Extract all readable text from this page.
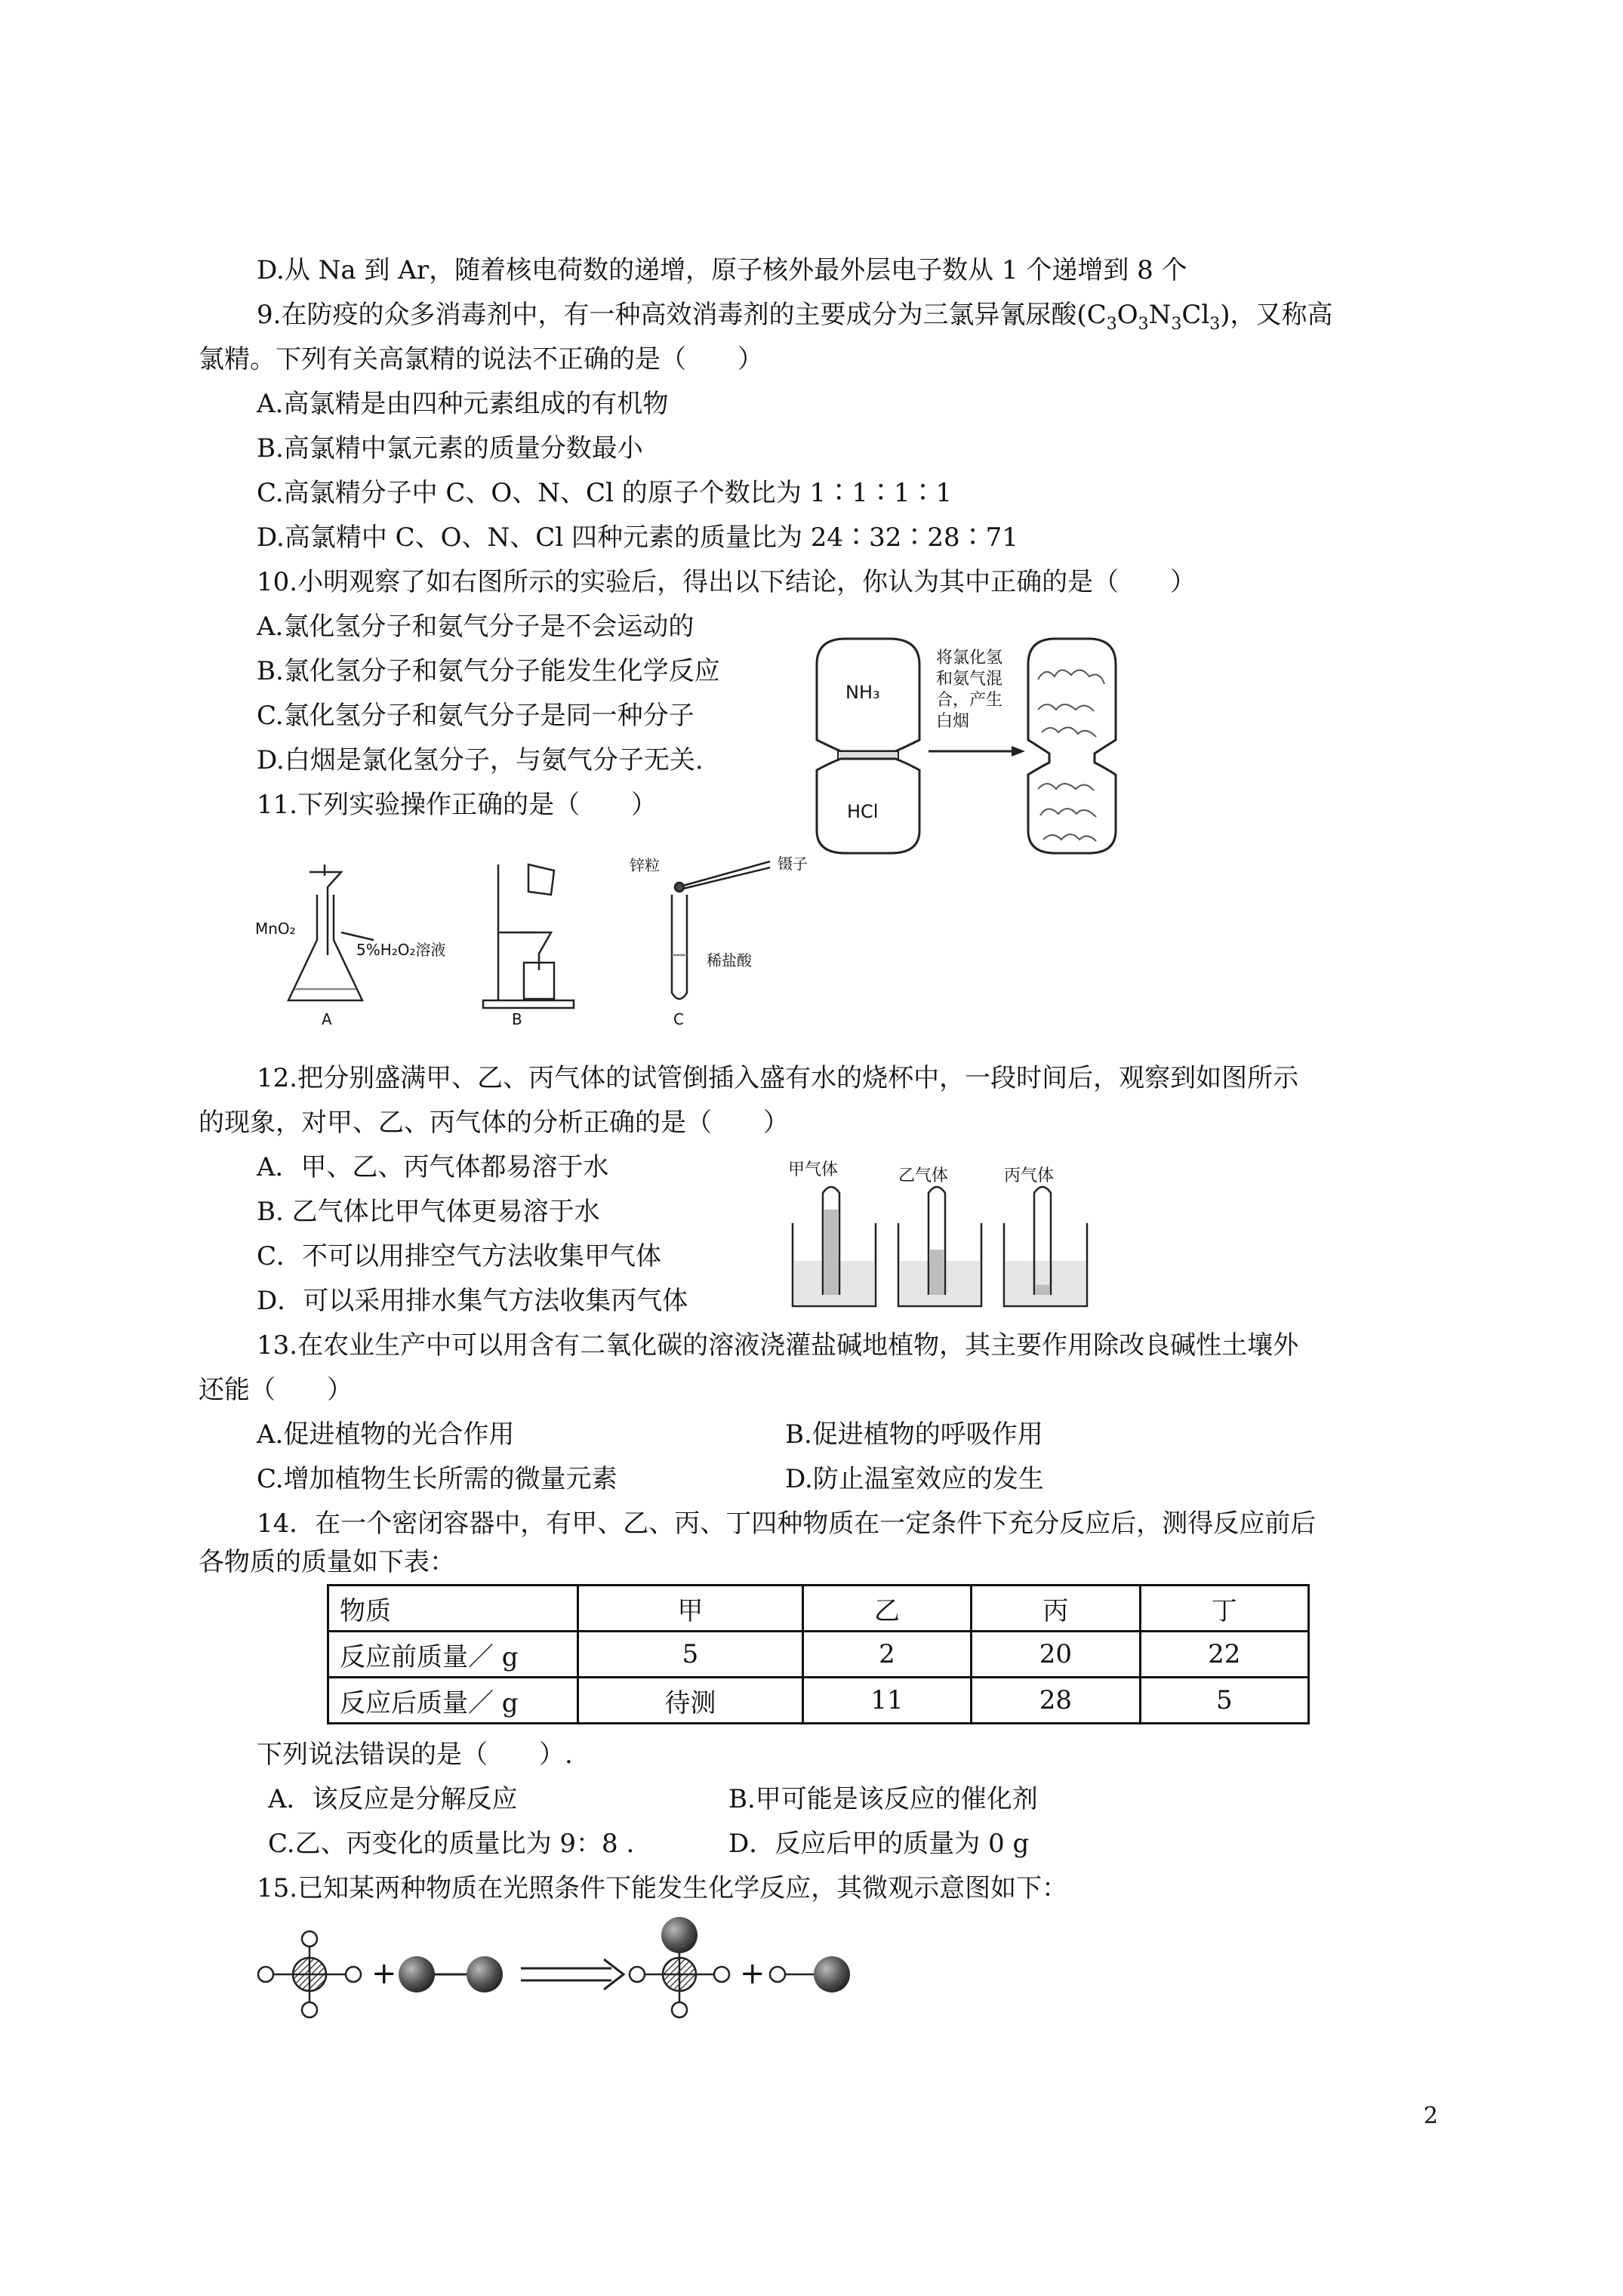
D.从 Na 到 Ar，随着核电荷数的递增，原子核外最外层电子数从 1 个递增到 8 个
9.在防疫的众多消毒剂中，有一种高效消毒剂的主要成分为三氯异氰尿酸$(C_3O_3N_3Cl_3)$，又称高
氯精。下列有关高氯精的说法不正确的是（　　）
A.高氯精是由四种元素组成的有机物
B.高氯精中氯元素的质量分数最小
C.高氯精分子中 C、O、N、Cl 的原子个数比为 1∶1∶1∶1
D.高氯精中 C、O、N、Cl 四种元素的质量比为 24∶32∶28∶71
10.小明观察了如右图所示的实验后，得出以下结论，你认为其中正确的是（　　）
A.氯化氢分子和氨气分子是不会运动的
B.氯化氢分子和氨气分子能发生化学反应
C.氯化氢分子和氨气分子是同一种分子
D.白烟是氯化氢分子，与氨气分子无关.
NH₃
HCl
将氯化氢
和氨气混
合，产生
白烟
11.下列实验操作正确的是（　　）
MnO₂
5%H₂O₂溶液
A	B
锌粒	镊子
稀盐酸
C
12.把分别盛满甲、乙、丙气体的试管倒插入盛有水的烧杯中，一段时间后，观察到如图所示
的现象，对甲、乙、丙气体的分析正确的是（　　）
A．甲、乙、丙气体都易溶于水
B. 乙气体比甲气体更易溶于水
C．不可以用排空气方法收集甲气体
D．可以采用排水集气方法收集丙气体
甲气体	乙气体	丙气体
13.在农业生产中可以用含有二氧化碳的溶液浇灌盐碱地植物，其主要作用除改良碱性土壤外
还能（　　）
A.促进植物的光合作用	B.促进植物的呼吸作用
C.增加植物生长所需的微量元素	D.防止温室效应的发生
14．在一个密闭容器中，有甲、乙、丙、丁四种物质在一定条件下充分反应后，测得反应前后
各物质的质量如下表：
物质	甲	乙	丙	丁
反应前质量／ g	5	2	20	22
反应后质量／ g	待测	11	28	5
下列说法错误的是（　　）.
A．该反应是分解反应	B.甲可能是该反应的催化剂
C.乙、丙变化的质量比为 9：8 .	D．反应后甲的质量为 0 g
15.已知某两种物质在光照条件下能发生化学反应，其微观示意图如下：
+	+
2
